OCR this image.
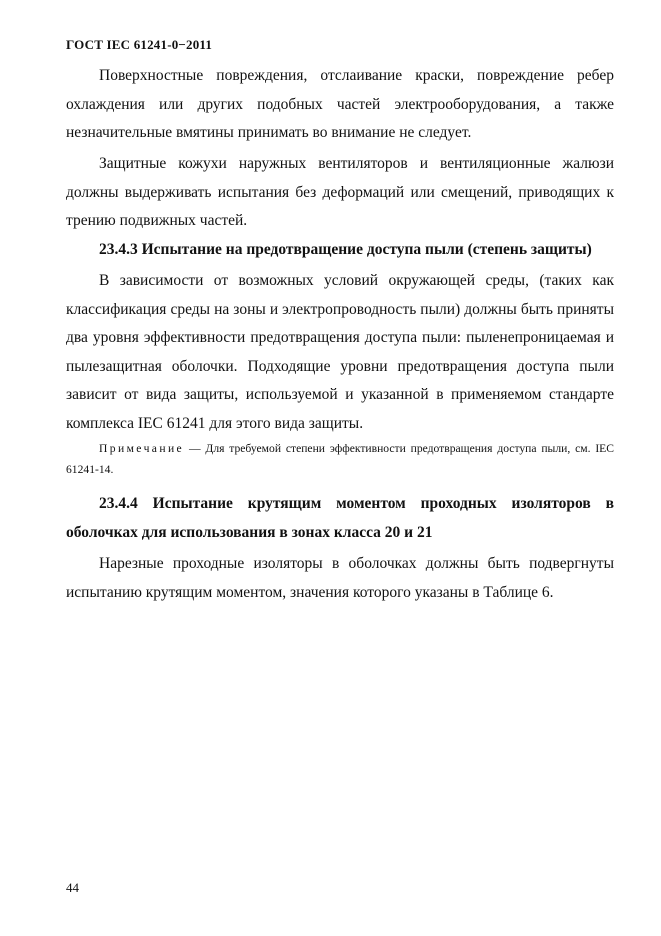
ГОСТ IEC 61241-0−2011

Поверхностные повреждения, отслаивание краски, повреждение ребер охлаждения или других подобных частей электрооборудования, а также незначительные вмятины принимать во внимание не следует.

Защитные кожухи наружных вентиляторов и вентиляционные жалюзи должны выдерживать испытания без деформаций или смещений, приводящих к трению подвижных частей.

23.4.3 Испытание на предотвращение доступа пыли (степень защиты)

В зависимости от возможных условий окружающей среды, (таких как классификация среды на зоны и электропроводность пыли) должны быть приняты два уровня эффективности предотвращения доступа пыли: пыленепроницаемая и пылезащитная оболочки. Подходящие уровни предотвращения доступа пыли зависит от вида защиты, используемой и указанной в применяемом стандарте комплекса IEC 61241 для этого вида защиты.

Примечание — Для требуемой степени эффективности предотвращения доступа пыли, см. IEC 61241-14.

23.4.4 Испытание крутящим моментом проходных изоляторов в оболочках для использования в зонах класса 20 и 21

Нарезные проходные изоляторы в оболочках должны быть подвергнуты испытанию крутящим моментом, значения которого указаны в Таблице 6.

44
